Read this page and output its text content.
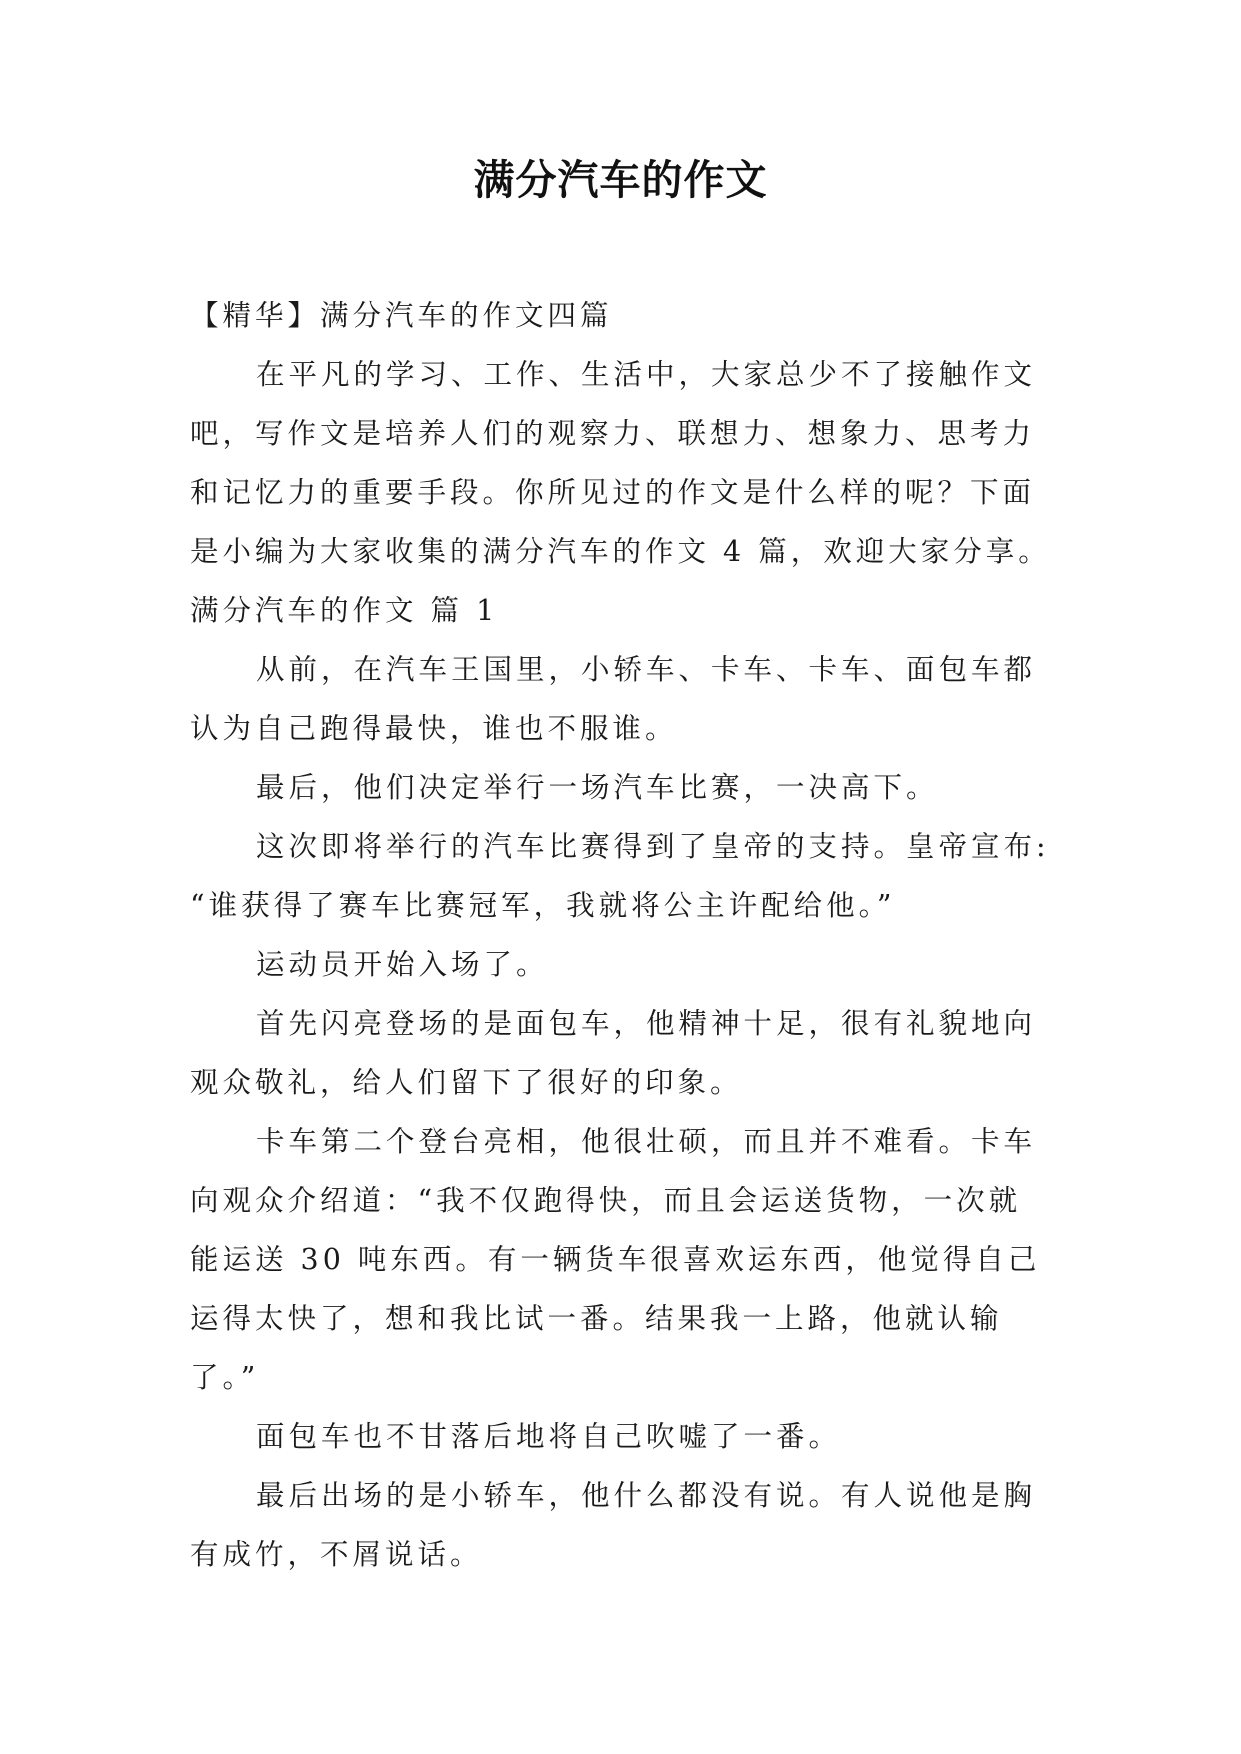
满分汽车的作文
【精华】满分汽车的作文四篇
在平凡的学习、工作、生活中，大家总少不了接触作文
吧，写作文是培养人们的观察力、联想力、想象力、思考力
和记忆力的重要手段。你所见过的作文是什么样的呢？下面
是小编为大家收集的满分汽车的作文 4 篇，欢迎大家分享。
满分汽车的作文 篇 1
从前，在汽车王国里，小轿车、卡车、卡车、面包车都
认为自己跑得最快，谁也不服谁。
最后，他们决定举行一场汽车比赛，一决高下。
这次即将举行的汽车比赛得到了皇帝的支持。皇帝宣布:
“谁获得了赛车比赛冠军，我就将公主许配给他。”
运动员开始入场了。
首先闪亮登场的是面包车，他精神十足，很有礼貌地向
观众敬礼，给人们留下了很好的印象。
卡车第二个登台亮相，他很壮硕，而且并不难看。卡车
向观众介绍道：“我不仅跑得快，而且会运送货物，一次就
能运送 30 吨东西。有一辆货车很喜欢运东西，他觉得自己
运得太快了，想和我比试一番。结果我一上路，他就认输
了。”
面包车也不甘落后地将自己吹嘘了一番。
最后出场的是小轿车，他什么都没有说。有人说他是胸
有成竹，不屑说话。
